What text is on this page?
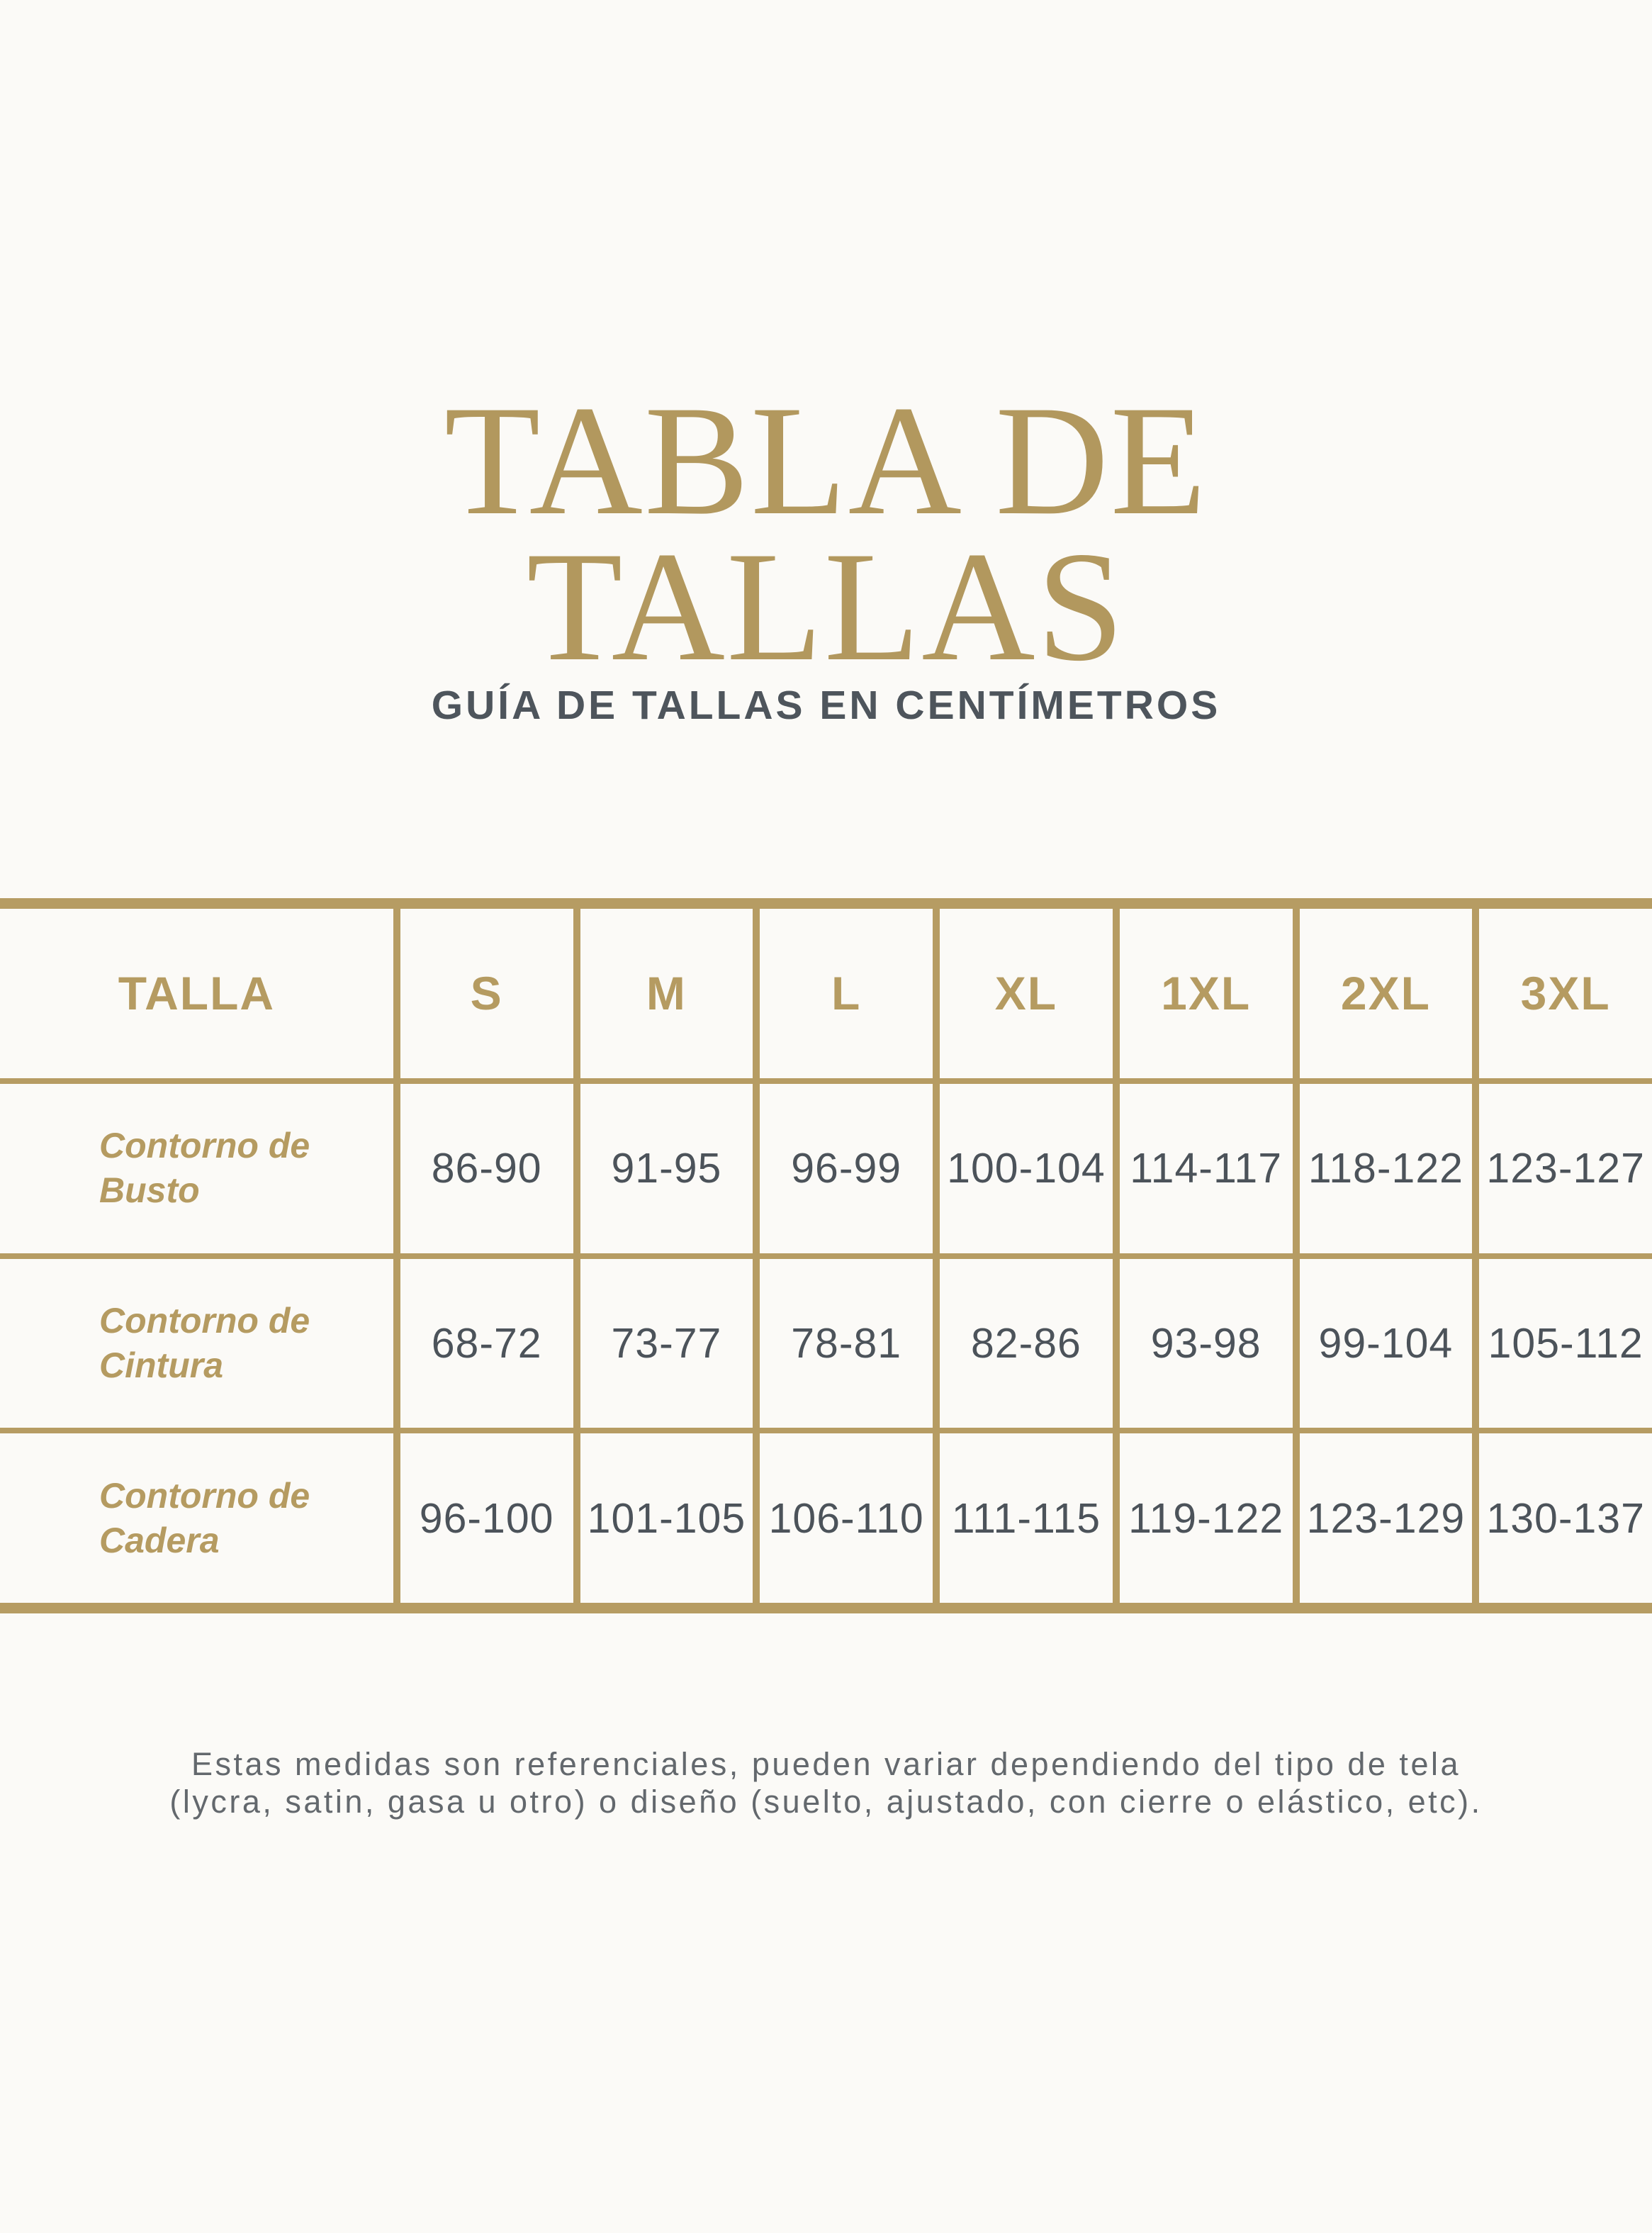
TABLA DE
TALLAS
GUÍA DE TALLAS EN CENTÍMETROS
TALLA	S	M	L	XL	1XL	2XL	3XL
Contorno de
Busto	86-90	91-95	96-99	100-104 114-117 118-122 123-127
Contorno de
Cintura	68-72	73-77	78-81	82-86	93-98	99-104 105-112
Contorno de
Cadera	96-100 101-105 106-110 111-115 119-122 123-129 130-137
Estas medidas son referenciales, pueden variar dependiendo del tipo de tela
(lycra, satin, gasa u otro) o diseño (suelto, ajustado, con cierre o elástico, etc).
